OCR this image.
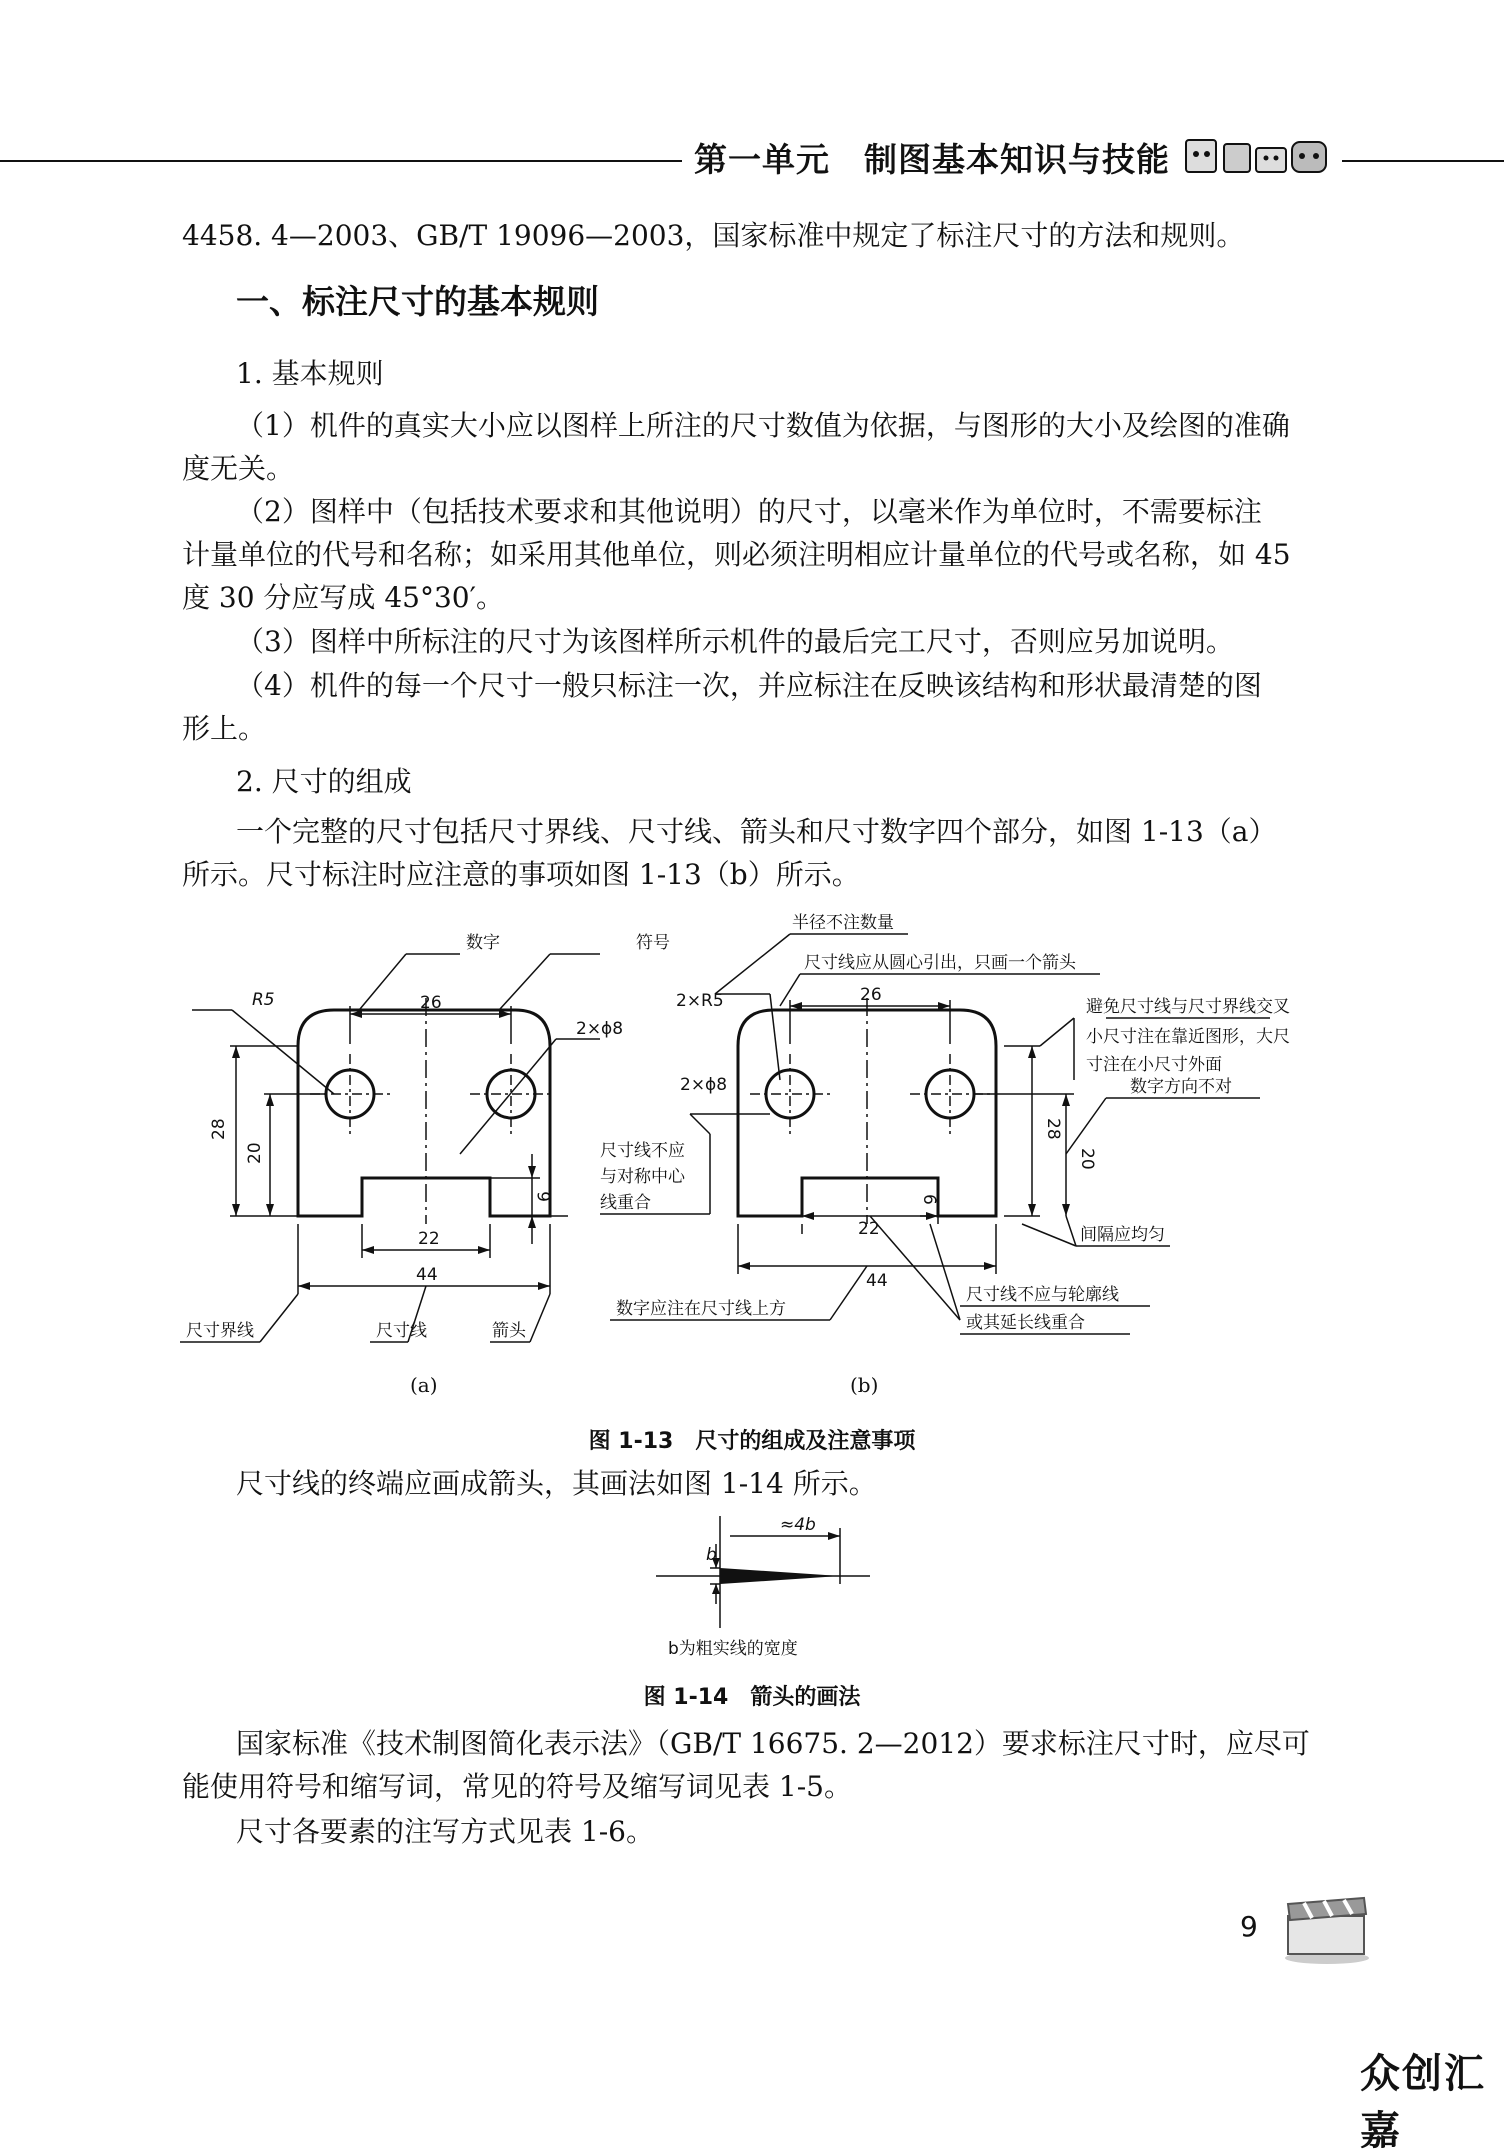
第一单元　制图基本知识与技能
4458. 4—2003、GB/T 19096—2003，国家标准中规定了标注尺寸的方法和规则。
一、标注尺寸的基本规则
1. 基本规则
（1）机件的真实大小应以图样上所注的尺寸数值为依据，与图形的大小及绘图的准确
度无关。
（2）图样中（包括技术要求和其他说明）的尺寸，以毫米作为单位时，不需要标注
计量单位的代号和名称；如采用其他单位，则必须注明相应计量单位的代号或名称，如 45
度 30 分应写成 45°30′。
（3）图样中所标注的尺寸为该图样所示机件的最后完工尺寸，否则应另加说明。
（4）机件的每一个尺寸一般只标注一次，并应标注在反映该结构和形状最清楚的图
形上。
2. 尺寸的组成
一个完整的尺寸包括尺寸界线、尺寸线、箭头和尺寸数字四个部分，如图 1-13（a）
所示。尺寸标注时应注意的事项如图 1-13（b）所示。
数字	符号
R5	26
2×ϕ8
28
20
6
22
44
尺寸界线	尺寸线	箭头
(a)
半径不注数量
尺寸线应从圆心引出，只画一个箭头
2×R5	26
2×ϕ8
避免尺寸线与尺寸界线交叉
小尺寸注在靠近图形，大尺
寸注在小尺寸外面
数字方向不对
尺寸线不应
与对称中心
线重合
28
20
6
22
44
间隔应均匀
数字应注在尺寸线上方
尺寸线不应与轮廓线
或其延长线重合
(b)
图 1-13　尺寸的组成及注意事项
尺寸线的终端应画成箭头，其画法如图 1-14 所示。
≈4b
b
b为粗实线的宽度
图 1-14　箭头的画法
国家标准《技术制图简化表示法》（GB/T 16675. 2—2012）要求标注尺寸时，应尽可
能使用符号和缩写词，常见的符号及缩写词见表 1-5。
尺寸各要素的注写方式见表 1-6。
9
众创汇嘉
